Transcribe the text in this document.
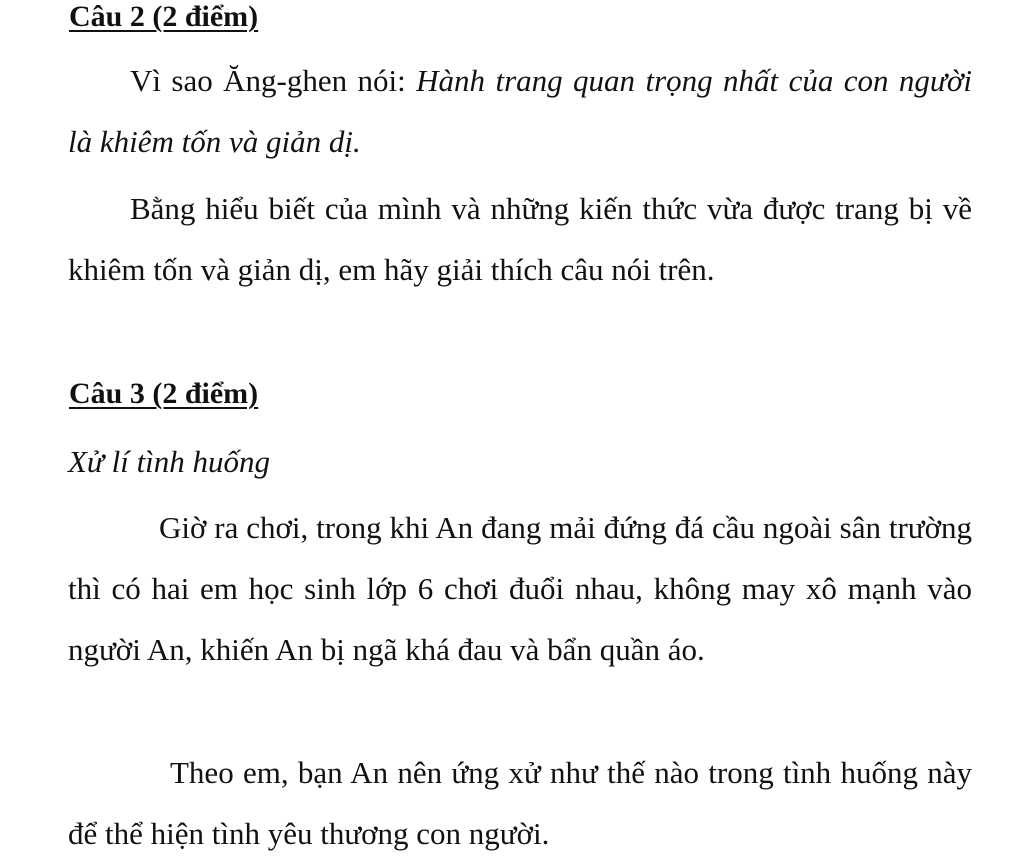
Câu 2 (2 điểm)

Vì sao Ăng-ghen nói: Hành trang quan trọng nhất của con người là khiêm tốn và giản dị.

Bằng hiểu biết của mình và những kiến thức vừa được trang bị về khiêm tốn và giản dị, em hãy giải thích câu nói trên.

Câu 3 (2 điểm)

Xử lí tình huống

Giờ ra chơi, trong khi An đang mải đứng đá cầu ngoài sân trường thì có hai em học sinh lớp 6 chơi đuổi nhau, không may xô mạnh vào người An, khiến An bị ngã khá đau và bẩn quần áo.

Theo em, bạn An nên ứng xử như thế nào trong tình huống này để thể hiện tình yêu thương con người.
